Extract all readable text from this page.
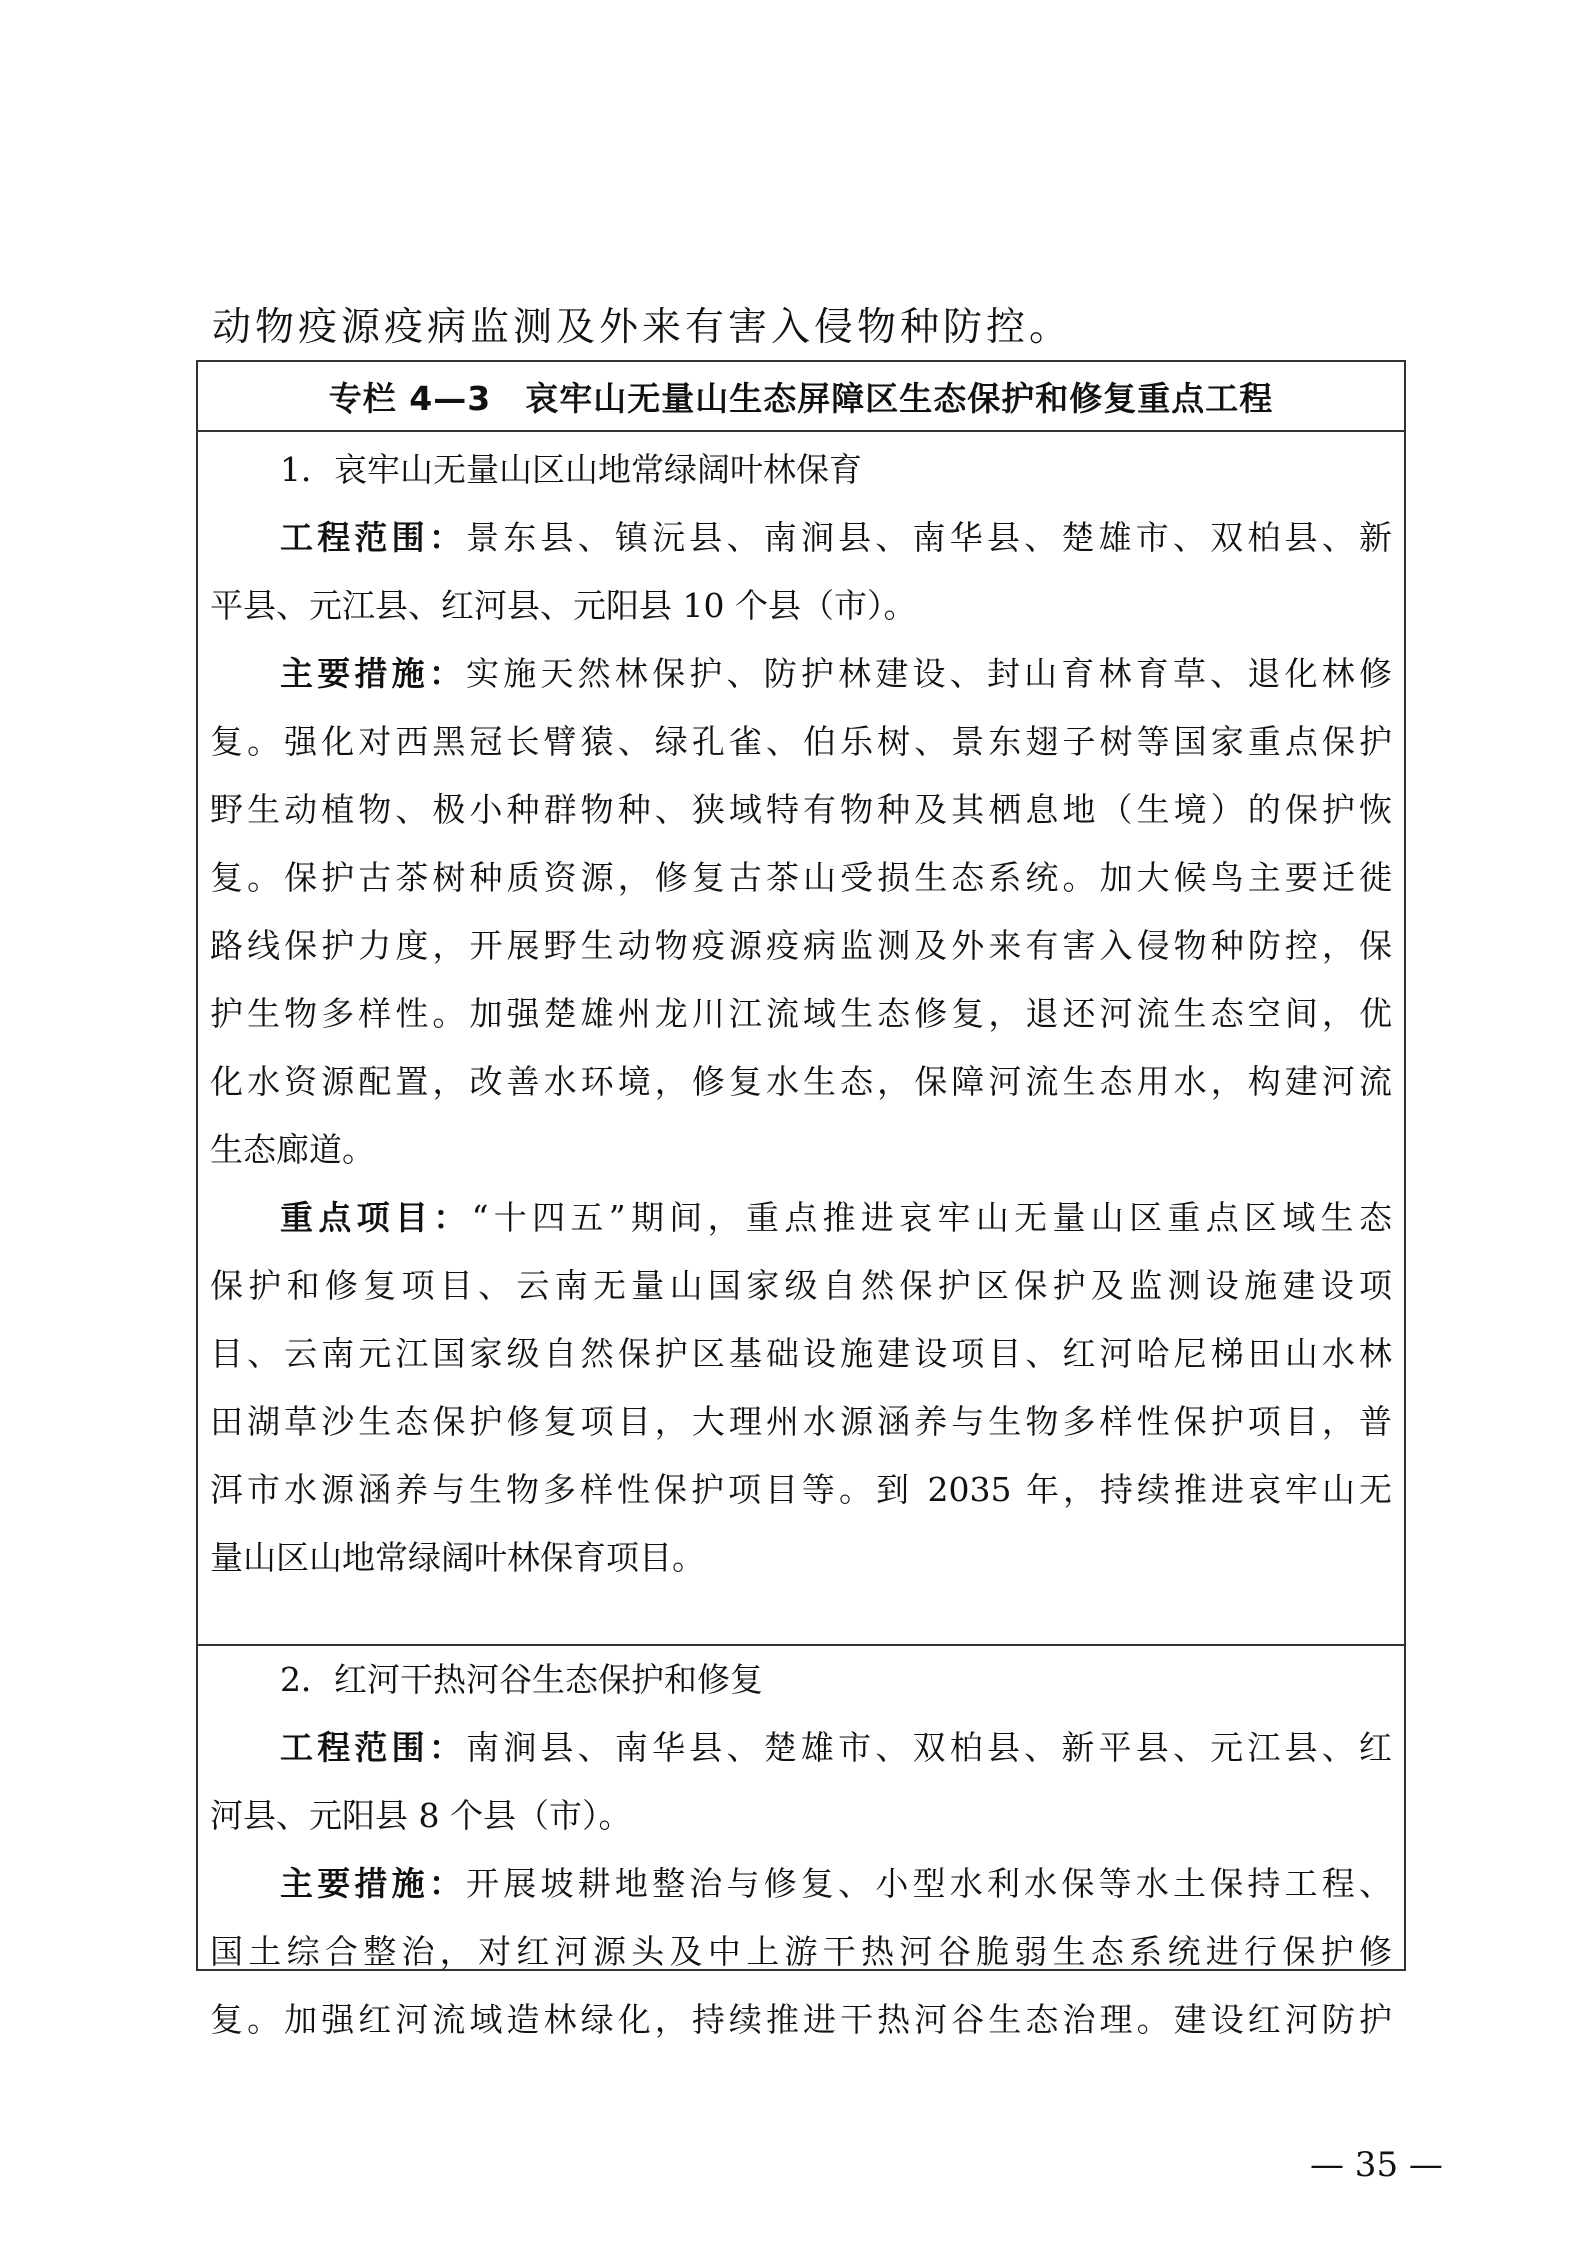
动物疫源疫病监测及外来有害入侵物种防控。
专栏 4—3　哀牢山无量山生态屏障区生态保护和修复重点工程
1．哀牢山无量山区山地常绿阔叶林保育
工程范围：景东县、镇沅县、南涧县、南华县、楚雄市、双柏县、新
平县、元江县、红河县、元阳县 10 个县（市）。
主要措施：实施天然林保护、防护林建设、封山育林育草、退化林修
复。强化对西黑冠长臂猿、绿孔雀、伯乐树、景东翅子树等国家重点保护
野生动植物、极小种群物种、狭域特有物种及其栖息地（生境）的保护恢
复。保护古茶树种质资源，修复古茶山受损生态系统。加大候鸟主要迁徙
路线保护力度，开展野生动物疫源疫病监测及外来有害入侵物种防控，保
护生物多样性。加强楚雄州龙川江流域生态修复，退还河流生态空间，优
化水资源配置，改善水环境，修复水生态，保障河流生态用水，构建河流
生态廊道。
重点项目：“十四五”期间，重点推进哀牢山无量山区重点区域生态
保护和修复项目、云南无量山国家级自然保护区保护及监测设施建设项
目、云南元江国家级自然保护区基础设施建设项目、红河哈尼梯田山水林
田湖草沙生态保护修复项目，大理州水源涵养与生物多样性保护项目，普
洱市水源涵养与生物多样性保护项目等。到 2035 年，持续推进哀牢山无
量山区山地常绿阔叶林保育项目。
2．红河干热河谷生态保护和修复
工程范围：南涧县、南华县、楚雄市、双柏县、新平县、元江县、红
河县、元阳县 8 个县（市）。
主要措施：开展坡耕地整治与修复、小型水利水保等水土保持工程、
国土综合整治，对红河源头及中上游干热河谷脆弱生态系统进行保护修
复。加强红河流域造林绿化，持续推进干热河谷生态治理。建设红河防护
— 35 —
